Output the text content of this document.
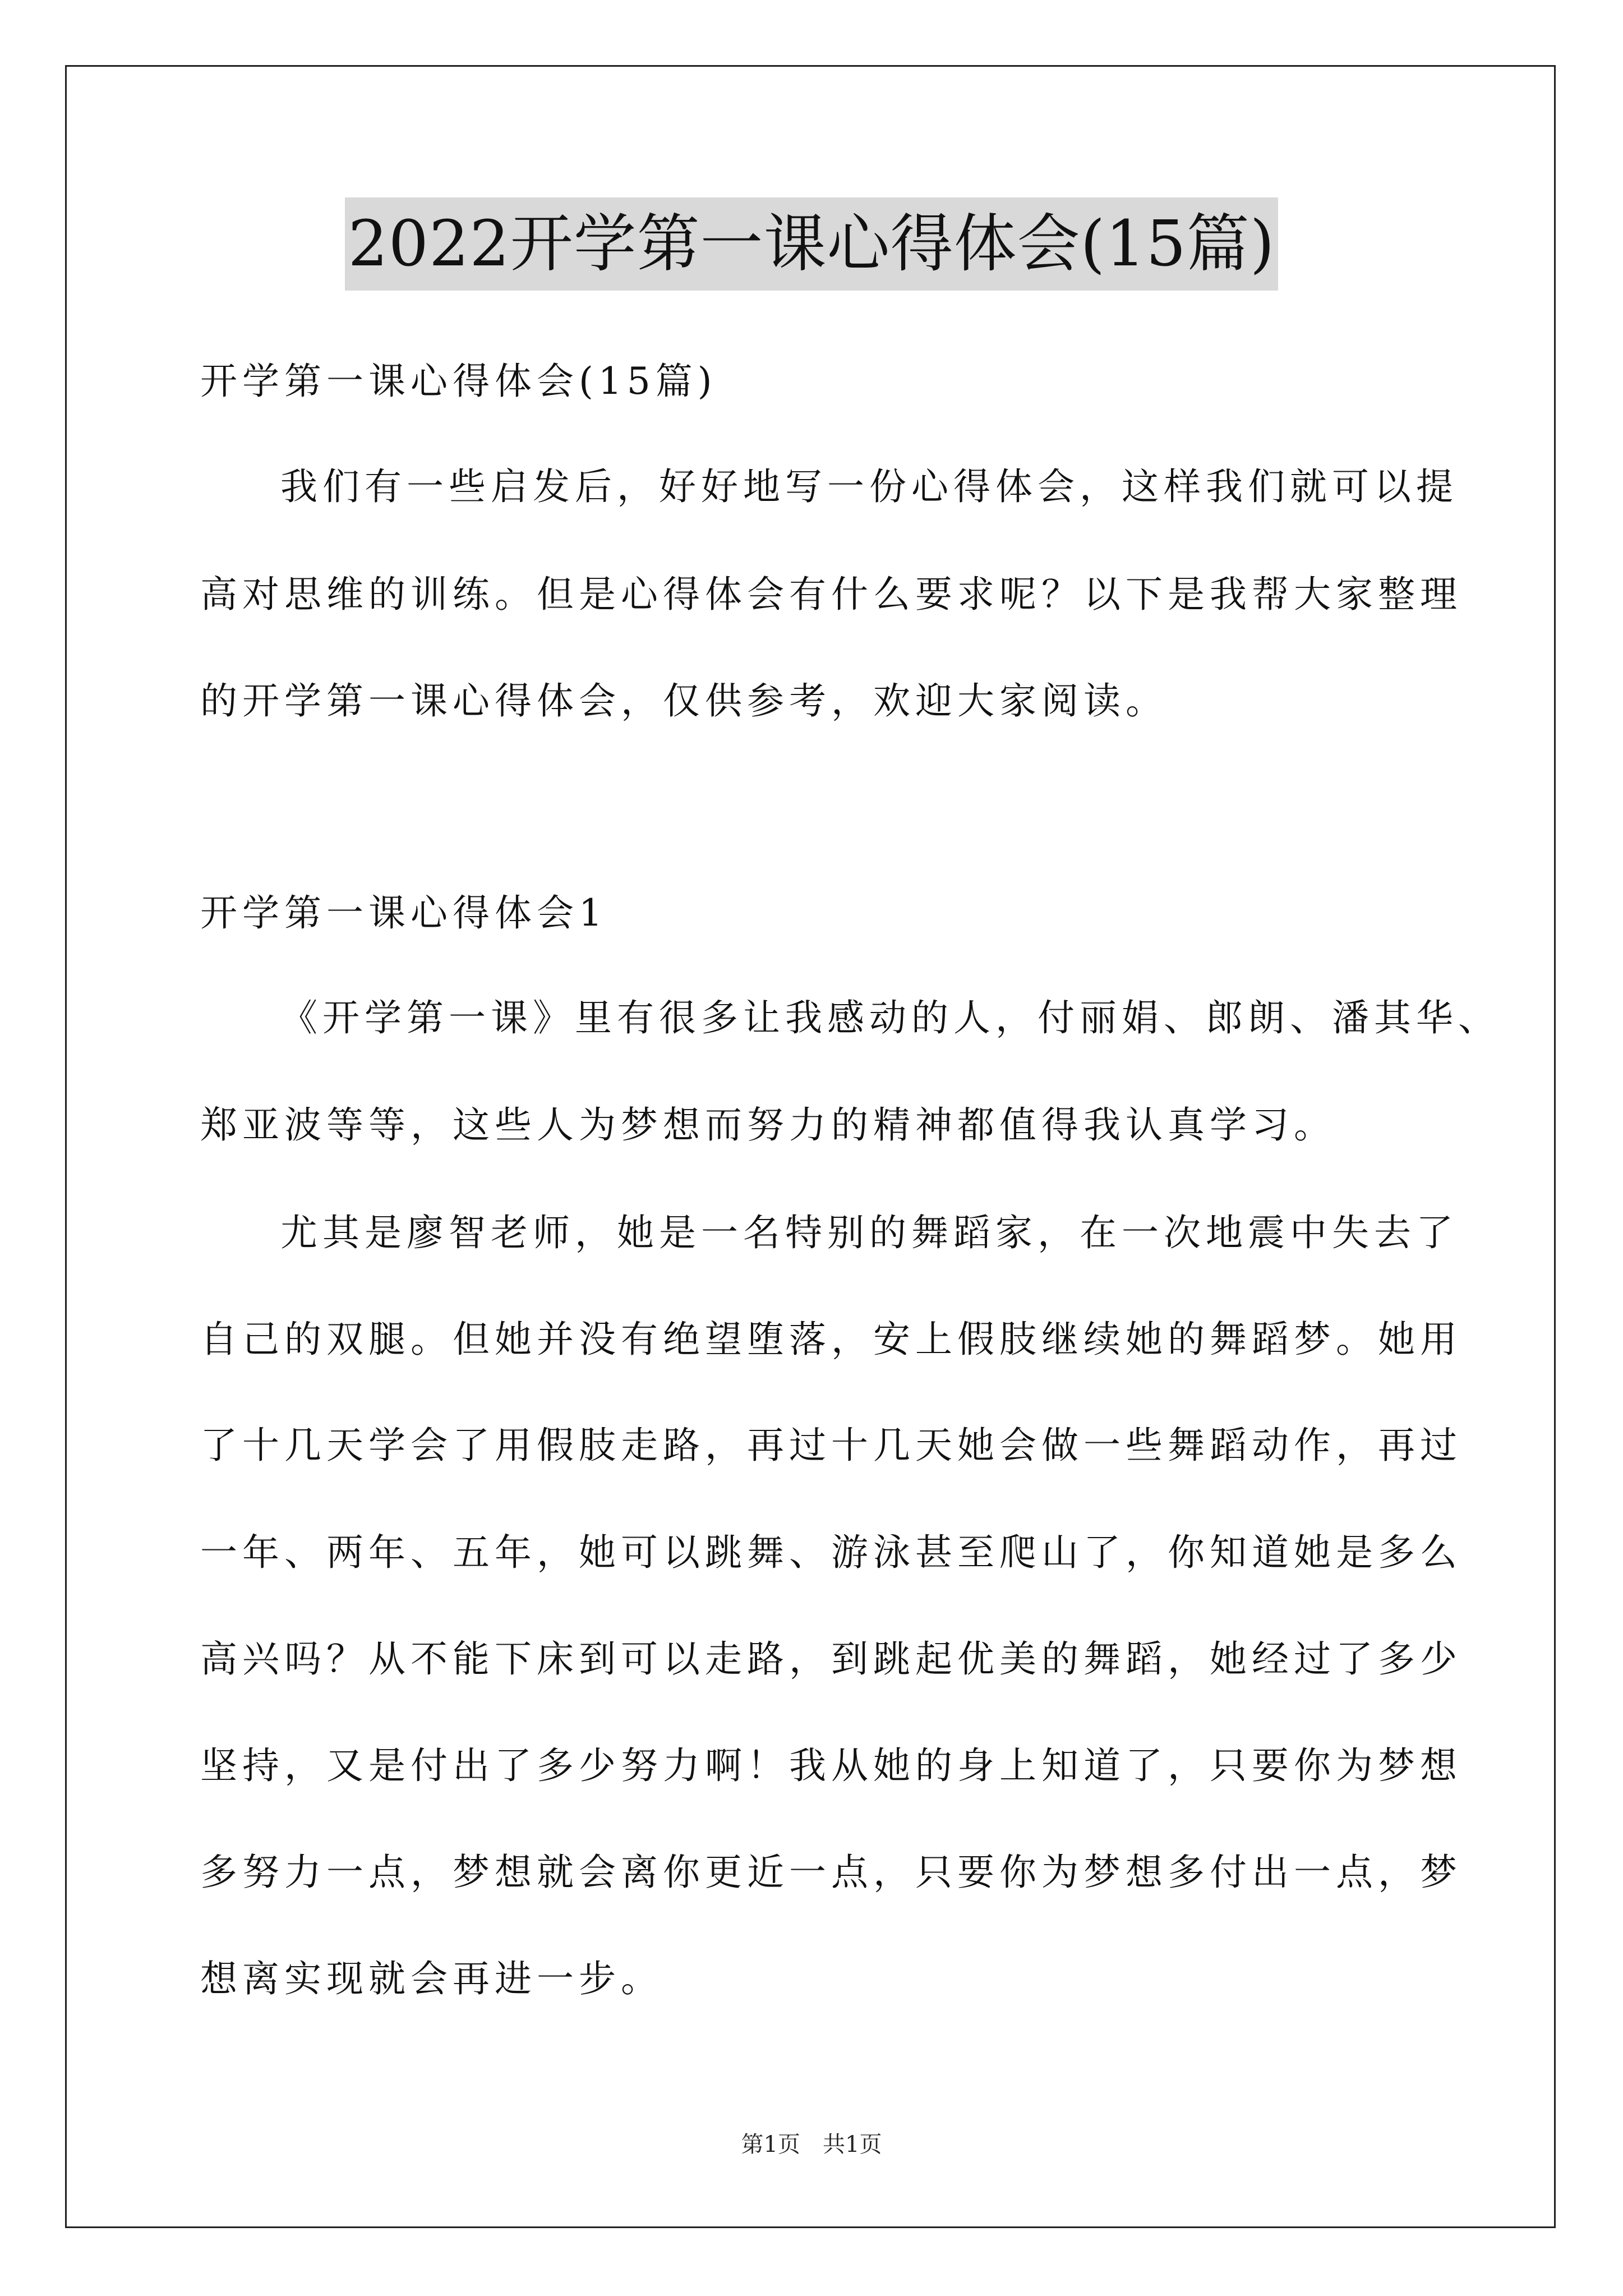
2022开学第一课心得体会(15篇)
开学第一课心得体会(15篇)
我们有一些启发后，好好地写一份心得体会，这样我们就可以提
高对思维的训练。但是心得体会有什么要求呢？以下是我帮大家整理
的开学第一课心得体会，仅供参考，欢迎大家阅读。
开学第一课心得体会1
《开学第一课》里有很多让我感动的人，付丽娟、郎朗、潘其华、
郑亚波等等，这些人为梦想而努力的精神都值得我认真学习。
尤其是廖智老师，她是一名特别的舞蹈家，在一次地震中失去了
自己的双腿。但她并没有绝望堕落，安上假肢继续她的舞蹈梦。她用
了十几天学会了用假肢走路，再过十几天她会做一些舞蹈动作，再过
一年、两年、五年，她可以跳舞、游泳甚至爬山了，你知道她是多么
高兴吗？从不能下床到可以走路，到跳起优美的舞蹈，她经过了多少
坚持，又是付出了多少努力啊！我从她的身上知道了，只要你为梦想
多努力一点，梦想就会离你更近一点，只要你为梦想多付出一点，梦
想离实现就会再进一步。
第1页　共1页
